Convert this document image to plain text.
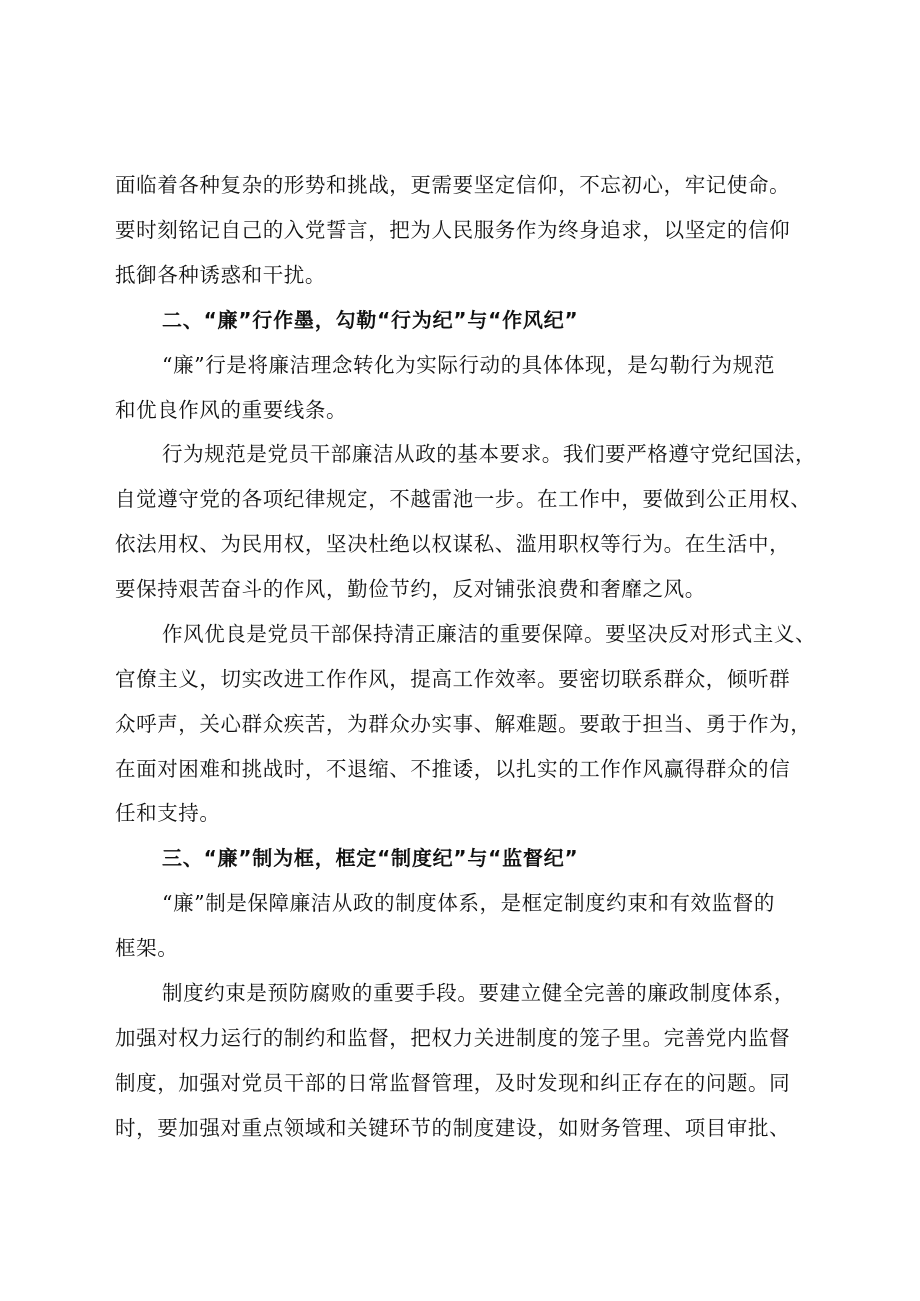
面临着各种复杂的形势和挑战，更需要坚定信仰，不忘初心，牢记使命。
要时刻铭记自己的入党誓言，把为人民服务作为终身追求，以坚定的信仰
抵御各种诱惑和干扰。
二、“廉”行作墨，勾勒“行为纪”与“作风纪”
“廉”行是将廉洁理念转化为实际行动的具体体现，是勾勒行为规范
和优良作风的重要线条。
行为规范是党员干部廉洁从政的基本要求。我们要严格遵守党纪国法，
自觉遵守党的各项纪律规定，不越雷池一步。在工作中，要做到公正用权、
依法用权、为民用权，坚决杜绝以权谋私、滥用职权等行为。在生活中，
要保持艰苦奋斗的作风，勤俭节约，反对铺张浪费和奢靡之风。
作风优良是党员干部保持清正廉洁的重要保障。要坚决反对形式主义、
官僚主义，切实改进工作作风，提高工作效率。要密切联系群众，倾听群
众呼声，关心群众疾苦，为群众办实事、解难题。要敢于担当、勇于作为，
在面对困难和挑战时，不退缩、不推诿，以扎实的工作作风赢得群众的信
任和支持。
三、“廉”制为框，框定“制度纪”与“监督纪”
“廉”制是保障廉洁从政的制度体系，是框定制度约束和有效监督的
框架。
制度约束是预防腐败的重要手段。要建立健全完善的廉政制度体系，
加强对权力运行的制约和监督，把权力关进制度的笼子里。完善党内监督
制度，加强对党员干部的日常监督管理，及时发现和纠正存在的问题。同
时，要加强对重点领域和关键环节的制度建设，如财务管理、项目审批、
